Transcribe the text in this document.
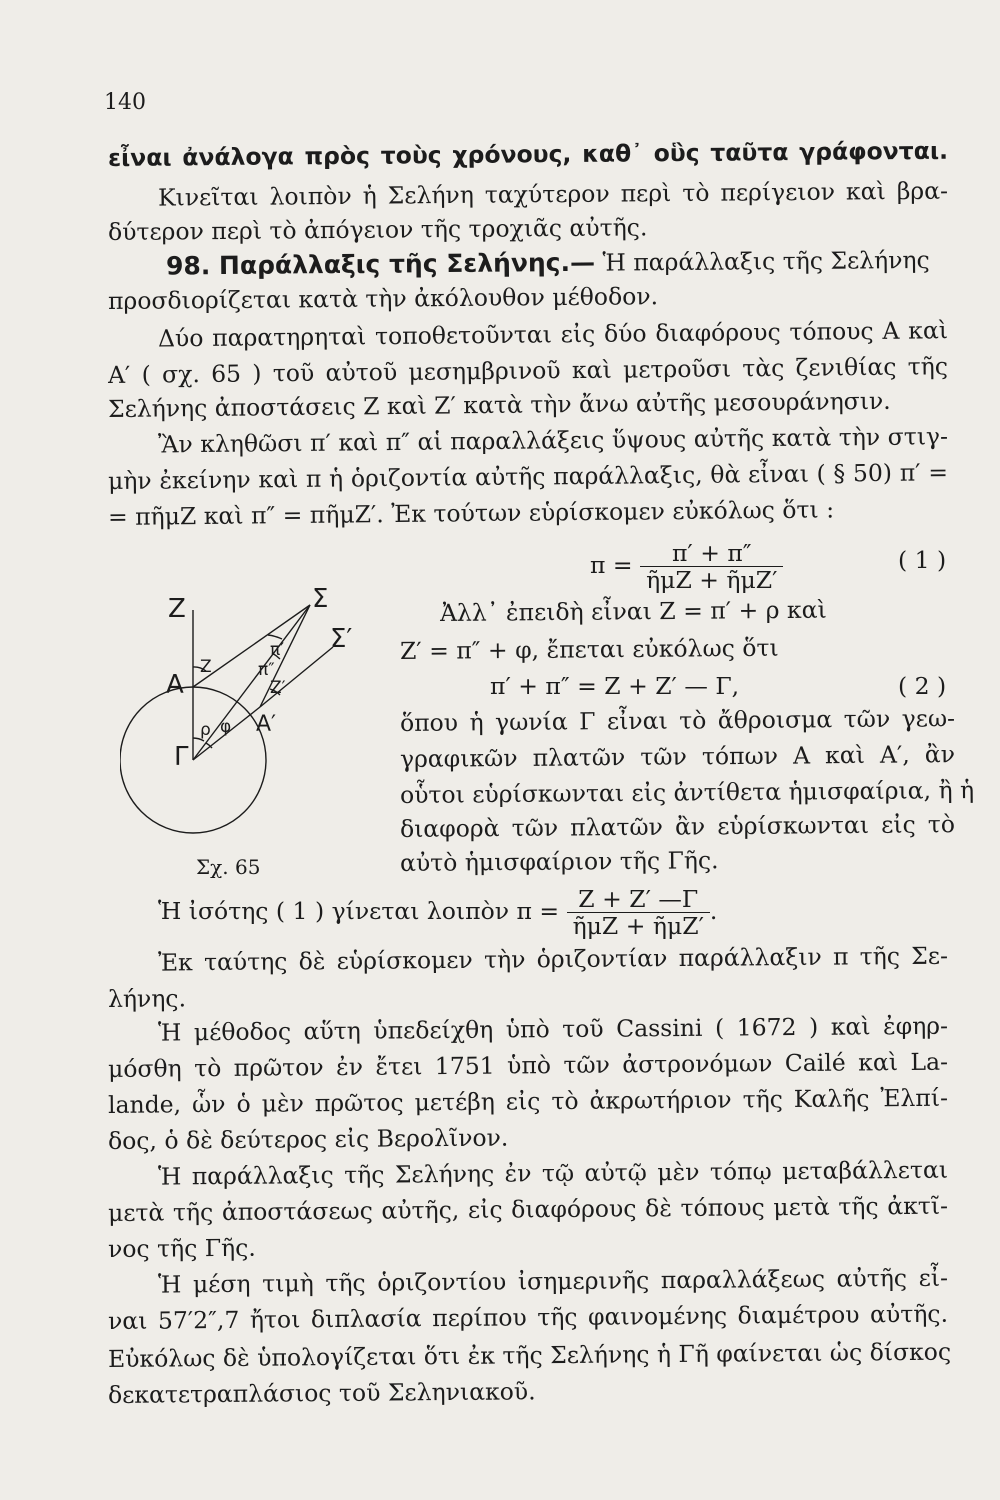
140
εἶναι ἀνάλογα πρὸς τοὺς χρόνους, καθ᾽ οὓς ταῦτα γράφονται.
Κινεῖται λοιπὸν ἡ Σελήνη ταχύτερον περὶ τὸ περίγειον καὶ βρα-
δύτερον περὶ τὸ ἀπόγειον τῆς τροχιᾶς αὐτῆς.
98. Παράλλαξις τῆς Σελήνης.— Ἡ παράλλαξις τῆς Σελήνης
προσδιορίζεται κατὰ τὴν ἀκόλουθον μέθοδον.
Δύο παρατηρηταὶ τοποθετοῦνται εἰς δύο διαφόρους τόπους Α καὶ
Α′ ( σχ. 65 ) τοῦ αὐτοῦ μεσημβρινοῦ καὶ μετροῦσι τὰς ζενιθίας τῆς
Σελήνης ἀποστάσεις Ζ καὶ Ζ′ κατὰ τὴν ἄνω αὐτῆς μεσουράνησιν.
Ἂν κληθῶσι π′ καὶ π″ αἱ παραλλάξεις ὕψους αὐτῆς κατὰ τὴν στιγ-
μὴν ἐκείνην καὶ π ἡ ὁριζοντία αὐτῆς παράλλαξις, θὰ εἶναι ( § 50) π′ =
= πῆμΖ καὶ π″ = πῆμΖ′. Ἐκ τούτων εὑρίσκομεν εὐκόλως ὅτι :
$\pi = \frac{\pi' + \pi''}{\text{ῆμΖ + ῆμΖ′}}$	( 1 )
Ζ
Α
Γ
Σ
Σ′
Α′
Ζ
Ζ′
π′
π″
ρ φ
Σχ. 65
Ἀλλ᾽ ἐπειδὴ εἶναι Ζ = π′ + ρ καὶ
Ζ′ = π″ + φ, ἔπεται εὐκόλως ὅτι
π′ + π″ = Ζ + Ζ′ — Γ,	( 2 )
ὅπου ἡ γωνία Γ εἶναι τὸ ἄθροισμα τῶν γεω-
γραφικῶν πλατῶν τῶν τόπων Α καὶ Α′, ἂν
οὗτοι εὑρίσκωνται εἰς ἀντίθετα ἡμισφαίρια, ἢ ἡ
διαφορὰ τῶν πλατῶν ἂν εὑρίσκωνται εἰς τὸ
αὐτὸ ἡμισφαίριον τῆς Γῆς.
Ἡ ἰσότης ( 1 ) γίνεται λοιπὸν $\pi = \frac{Z + Z' —\Gamma}{\text{ῆμΖ + ῆμΖ′}}$ .
Ἐκ ταύτης δὲ εὑρίσκομεν τὴν ὁριζοντίαν παράλλαξιν π τῆς Σε-
λήνης.
Ἡ μέθοδος αὕτη ὑπεδείχθη ὑπὸ τοῦ Cassini ( 1672 ) καὶ ἐφηρ-
μόσθη τὸ πρῶτον ἐν ἔτει 1751 ὑπὸ τῶν ἀστρονόμων Cailé καὶ La-
lande, ὧν ὁ μὲν πρῶτος μετέβη εἰς τὸ ἀκρωτήριον τῆς Καλῆς Ἐλπί-
δος, ὁ δὲ δεύτερος εἰς Βερολῖνον.
Ἡ παράλλαξις τῆς Σελήνης ἐν τῷ αὐτῷ μὲν τόπῳ μεταβάλλεται
μετὰ τῆς ἀποστάσεως αὐτῆς, εἰς διαφόρους δὲ τόπους μετὰ τῆς ἀκτῖ-
νος τῆς Γῆς.
Ἡ μέση τιμὴ τῆς ὁριζοντίου ἰσημερινῆς παραλλάξεως αὐτῆς εἶ-
ναι 57′2″,7 ἤτοι διπλασία περίπου τῆς φαινομένης διαμέτρου αὐτῆς.
Εὐκόλως δὲ ὑπολογίζεται ὅτι ἐκ τῆς Σελήνης ἡ Γῆ φαίνεται ὡς δίσκος
δεκατετραπλάσιος τοῦ Σεληνιακοῦ.
